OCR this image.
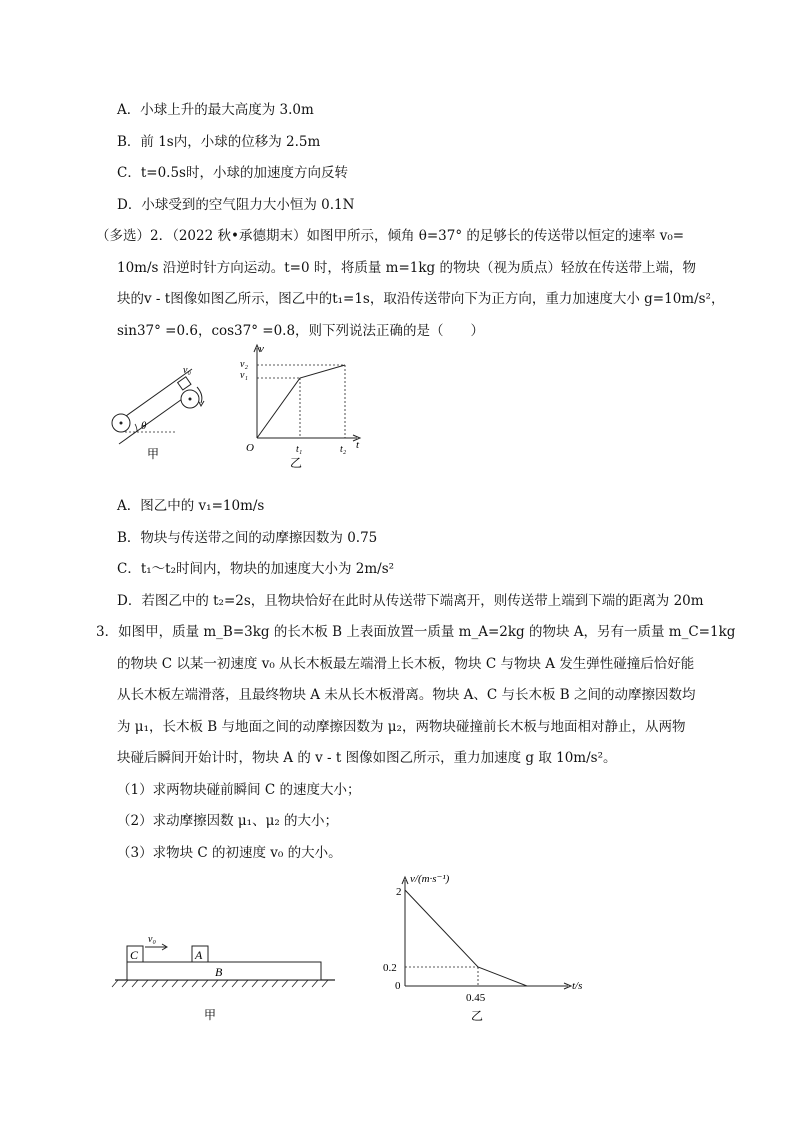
A．小球上升的最大高度为 3.0m
B．前 1s内，小球的位移为 2.5m
C．t=0.5s时，小球的加速度方向反转
D．小球受到的空气阻力大小恒为 0.1N
（多选）2．（2022 秋•承德期末）如图甲所示，倾角 θ=37° 的足够长的传送带以恒定的速率 v₀=
10m/s 沿逆时针方向运动。t=0 时，将质量 m=1kg 的物块（视为质点）轻放在传送带上端，物
块的v - t图像如图乙所示，图乙中的t₁=1s，取沿传送带向下为正方向，重力加速度大小 g=10m/s²，
sin37° =0.6，cos37° =0.8，则下列说法正确的是（　　）
θ
v₀
甲
v
v₂
v₁
O	t₁	t₂ t
乙
A．图乙中的 v₁=10m/s
B．物块与传送带之间的动摩擦因数为 0.75
C．t₁～t₂时间内，物块的加速度大小为 2m/s²
D．若图乙中的 t₂=2s，且物块恰好在此时从传送带下端离开，则传送带上端到下端的距离为 20m
3．如图甲，质量 m_B=3kg 的长木板 B 上表面放置一质量 m_A=2kg 的物块 A，另有一质量 m_C=1kg
的物块 C 以某一初速度 v₀ 从长木板最左端滑上长木板，物块 C 与物块 A 发生弹性碰撞后恰好能
从长木板左端滑落，且最终物块 A 未从长木板滑离。物块 A、C 与长木板 B 之间的动摩擦因数均
为 μ₁，长木板 B 与地面之间的动摩擦因数为 μ₂，两物块碰撞前长木板与地面相对静止，从两物
块碰后瞬间开始计时，物块 A 的 v - t 图像如图乙所示，重力加速度 g 取 10m/s²。
（1）求两物块碰前瞬间 C 的速度大小；
（2）求动摩擦因数 μ₁、μ₂ 的大小；
（3）求物块 C 的初速度 v₀ 的大小。
v₀
C	A
B
甲
v/(m·s⁻¹)
2
0.2
0
0.45
t/s
乙
